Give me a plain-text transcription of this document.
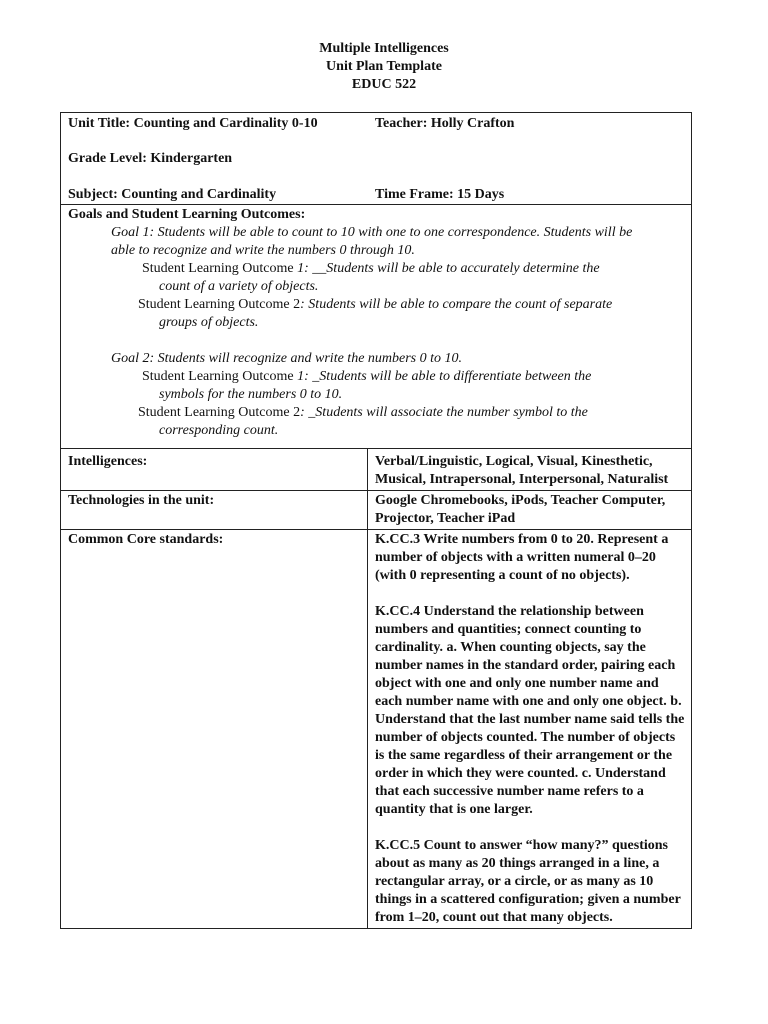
Multiple Intelligences
Unit Plan Template
EDUC 522
Unit Title: Counting and Cardinality 0-10	Teacher: Holly Crafton
Grade Level: Kindergarten
Subject: Counting and Cardinality	Time Frame: 15 Days
Goals and Student Learning Outcomes:
Goal 1: Students will be able to count to 10 with one to one correspondence. Students will be
able to recognize and write the numbers 0 through 10.
Student Learning Outcome 1: __Students will be able to accurately determine the
count of a variety of objects.
Student Learning Outcome 2: Students will be able to compare the count of separate
groups of objects.
Goal 2: Students will recognize and write the numbers 0 to 10.
Student Learning Outcome 1: _Students will be able to differentiate between the
symbols for the numbers 0 to 10.
Student Learning Outcome 2: _Students will associate the number symbol to the
corresponding count.
Intelligences:	Verbal/Linguistic, Logical, Visual, Kinesthetic, Musical, Intrapersonal, Interpersonal, Naturalist
Technologies in the unit:	Google Chromebooks, iPods, Teacher Computer, Projector, Teacher iPad
Common Core standards:	K.CC.3 Write numbers from 0 to 20. Represent a number of objects with a written numeral 0–20 (with 0 representing a count of no objects).

K.CC.4 Understand the relationship between numbers and quantities; connect counting to cardinality. a. When counting objects, say the number names in the standard order, pairing each object with one and only one number name and each number name with one and only one object. b. Understand that the last number name said tells the number of objects counted. The number of objects is the same regardless of their arrangement or the order in which they were counted. c. Understand that each successive number name refers to a quantity that is one larger.

K.CC.5 Count to answer “how many?” questions about as many as 20 things arranged in a line, a rectangular array, or a circle, or as many as 10 things in a scattered configuration; given a number from 1–20, count out that many objects.
